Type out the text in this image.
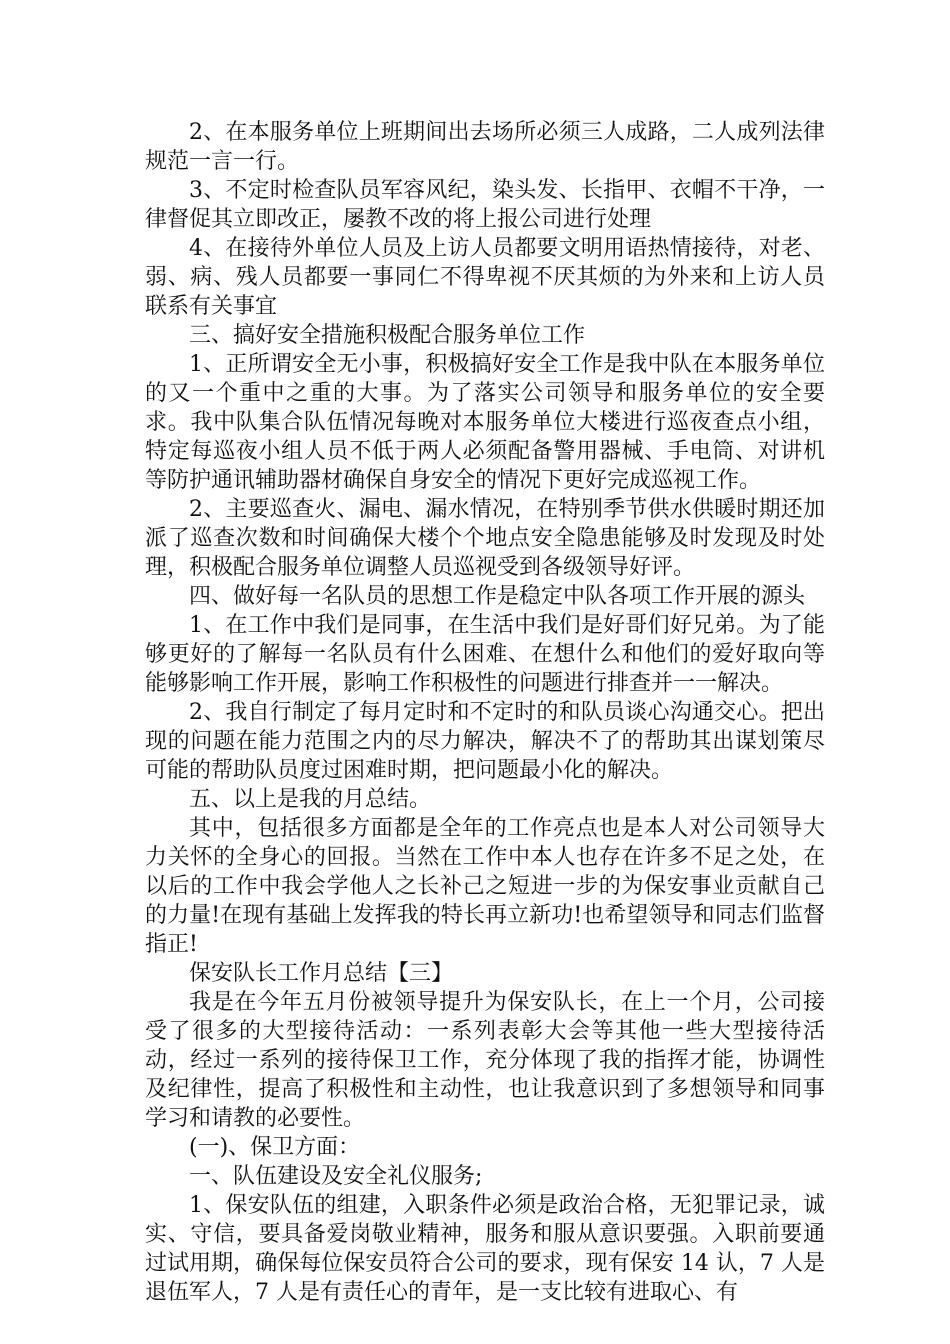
2、在本服务单位上班期间出去场所必须三人成路，二人成列法律规范一言一行。

3、不定时检查队员军容风纪，染头发、长指甲、衣帽不干净，一律督促其立即改正，屡教不改的将上报公司进行处理

4、在接待外单位人员及上访人员都要文明用语热情接待，对老、弱、病、残人员都要一事同仁不得卑视不厌其烦的为外来和上访人员联系有关事宜

三、搞好安全措施积极配合服务单位工作

1、正所谓安全无小事，积极搞好安全工作是我中队在本服务单位的又一个重中之重的大事。为了落实公司领导和服务单位的安全要求。我中队集合队伍情况每晚对本服务单位大楼进行巡夜查点小组，特定每巡夜小组人员不低于两人必须配备警用器械、手电筒、对讲机等防护通讯辅助器材确保自身安全的情况下更好完成巡视工作。

2、主要巡查火、漏电、漏水情况，在特别季节供水供暖时期还加派了巡查次数和时间确保大楼个个地点安全隐患能够及时发现及时处理，积极配合服务单位调整人员巡视受到各级领导好评。

四、做好每一名队员的思想工作是稳定中队各项工作开展的源头

1、在工作中我们是同事，在生活中我们是好哥们好兄弟。为了能够更好的了解每一名队员有什么困难、在想什么和他们的爱好取向等能够影响工作开展，影响工作积极性的问题进行排查并一一解决。

2、我自行制定了每月定时和不定时的和队员谈心沟通交心。把出现的问题在能力范围之内的尽力解决，解决不了的帮助其出谋划策尽可能的帮助队员度过困难时期，把问题最小化的解决。

五、以上是我的月总结。

其中，包括很多方面都是全年的工作亮点也是本人对公司领导大力关怀的全身心的回报。当然在工作中本人也存在许多不足之处，在以后的工作中我会学他人之长补己之短进一步的为保安事业贡献自己的力量!在现有基础上发挥我的特长再立新功!也希望领导和同志们监督指正!

保安队长工作月总结【三】

我是在今年五月份被领导提升为保安队长，在上一个月，公司接受了很多的大型接待活动：一系列表彰大会等其他一些大型接待活动，经过一系列的接待保卫工作，充分体现了我的指挥才能，协调性及纪律性，提高了积极性和主动性，也让我意识到了多想领导和同事学习和请教的必要性。

(一)、保卫方面：

一、队伍建设及安全礼仪服务;

1、保安队伍的组建，入职条件必须是政治合格，无犯罪记录，诚实、守信，要具备爱岗敬业精神，服务和服从意识要强。入职前要通过试用期，确保每位保安员符合公司的要求，现有保安 14 认，7 人是退伍军人，7 人是有责任心的青年，是一支比较有进取心、有
